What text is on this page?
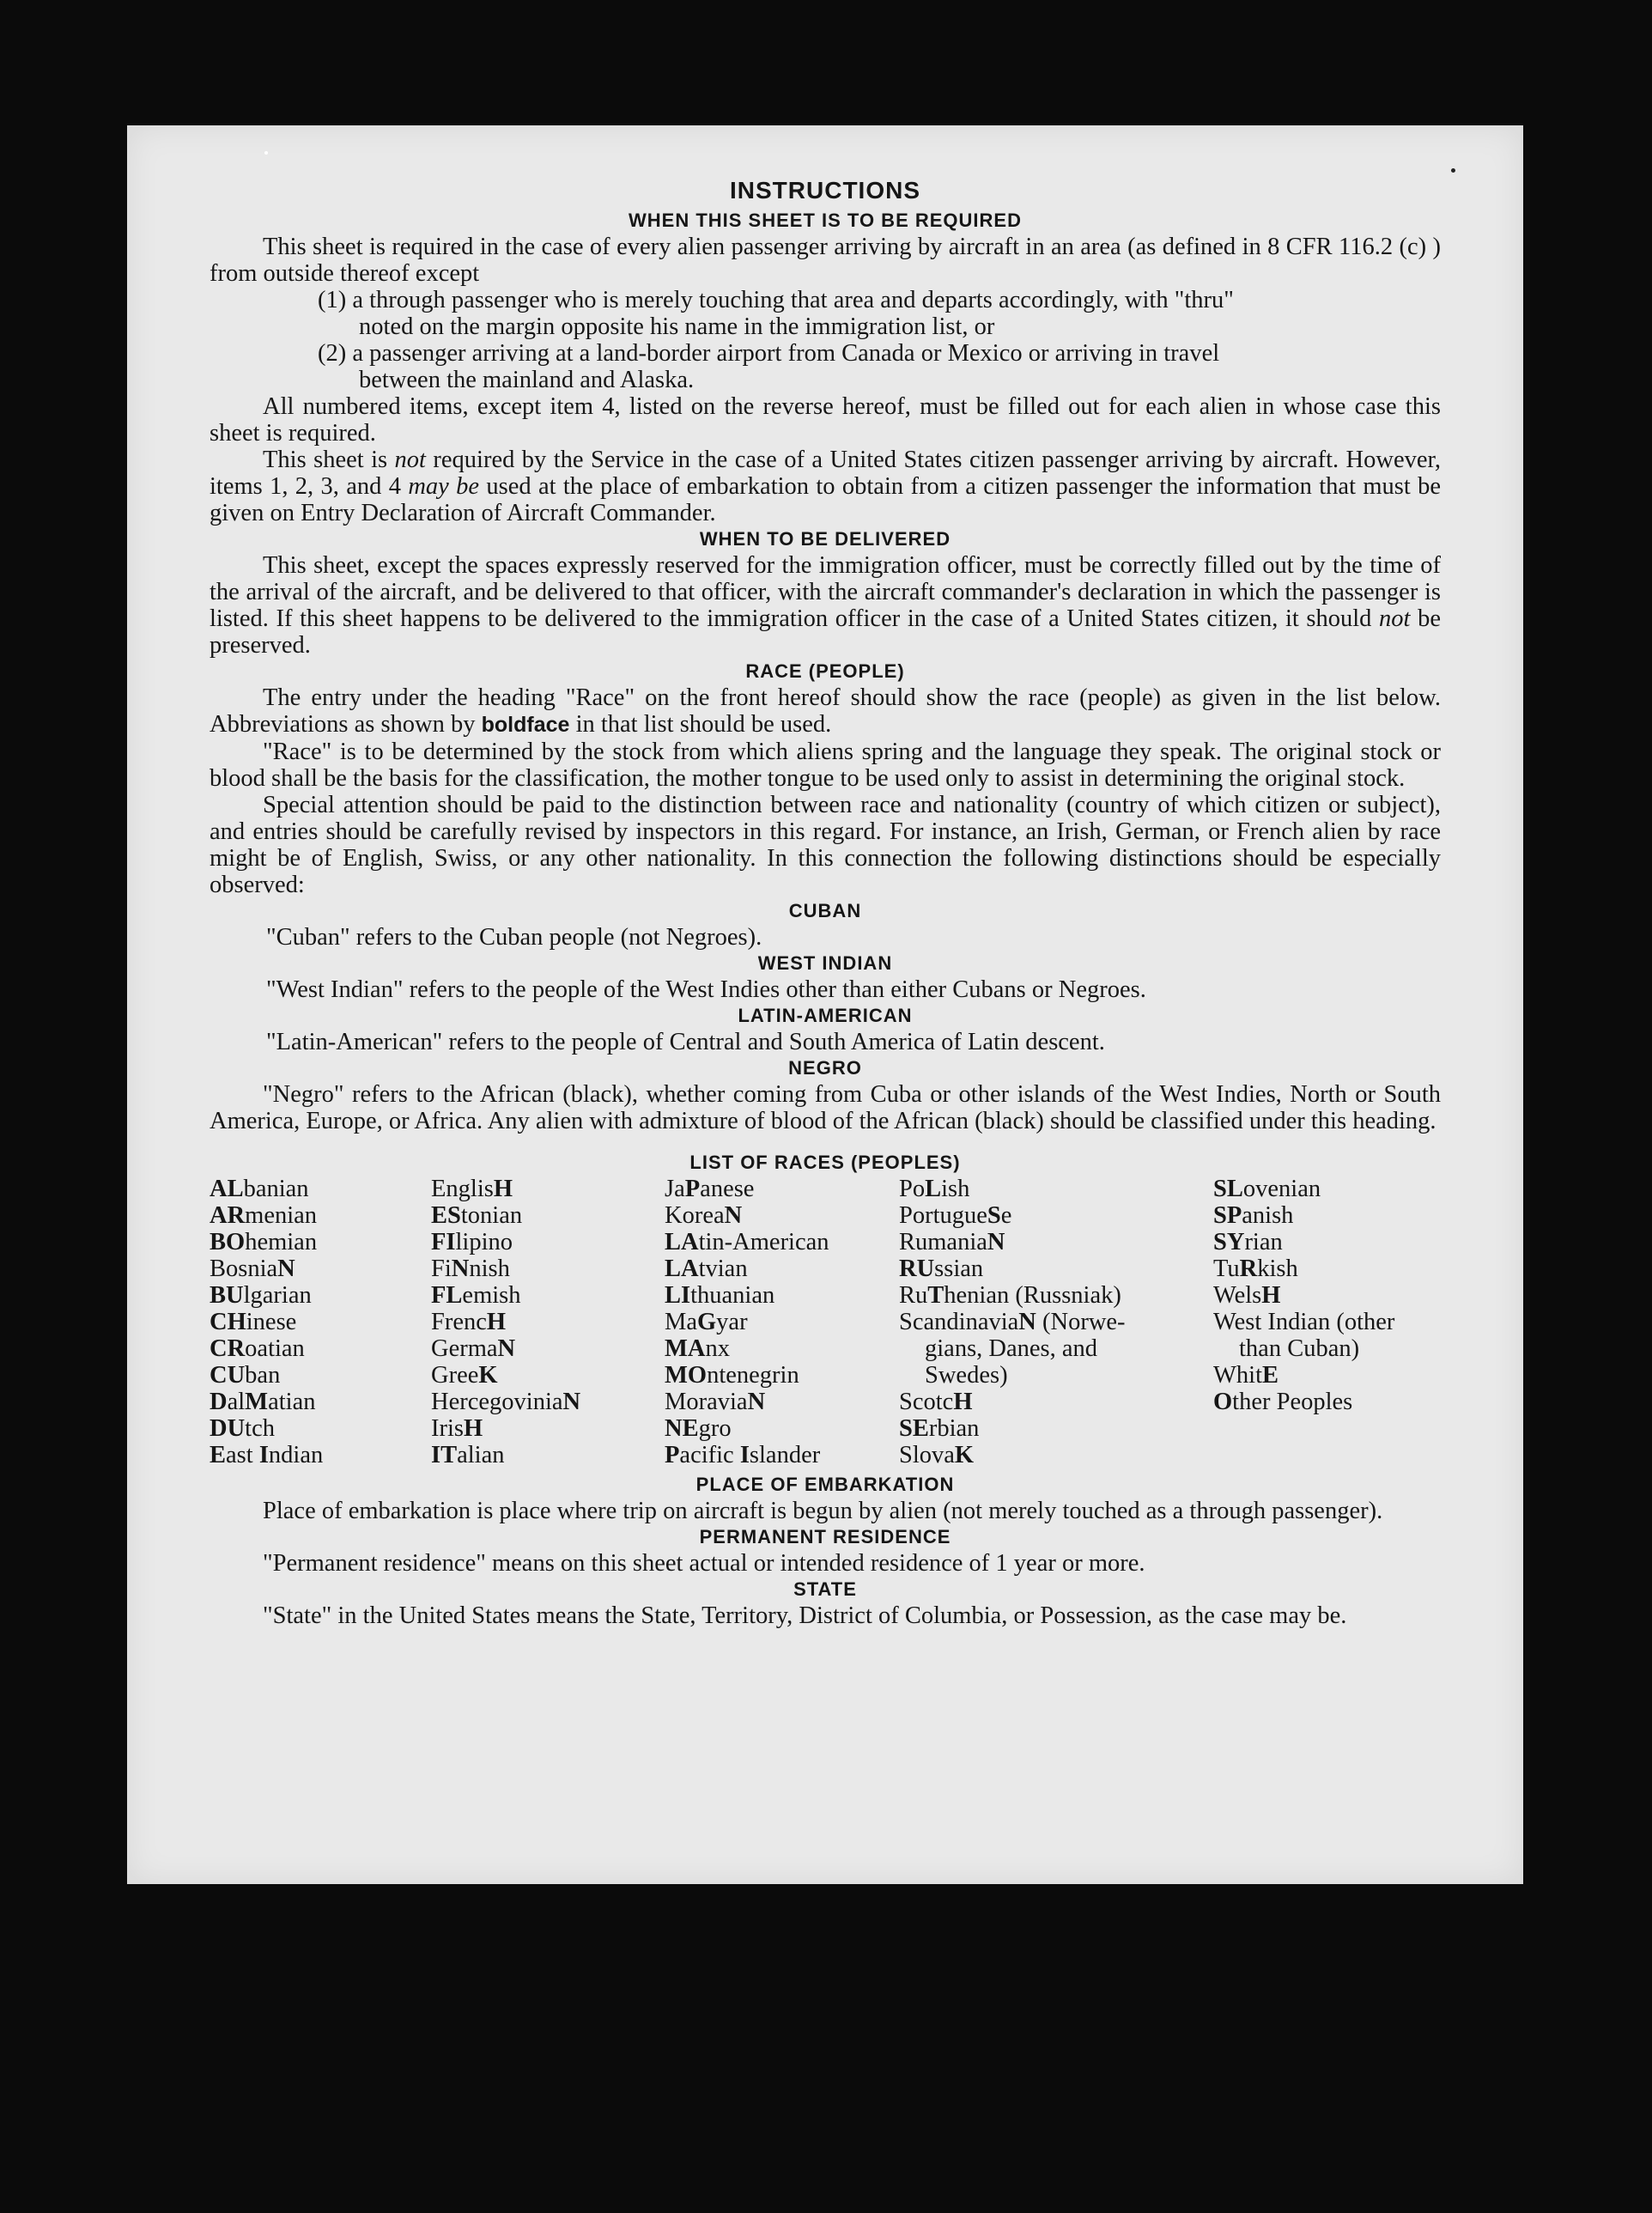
INSTRUCTIONS
WHEN THIS SHEET IS TO BE REQUIRED

This sheet is required in the case of every alien passenger arriving by aircraft in an area (as defined in 8 CFR 116.2 (c) ) from outside thereof except

(1) a through passenger who is merely touching that area and departs accordingly, with "thru"

noted on the margin opposite his name in the immigration list, or

(2) a passenger arriving at a land-border airport from Canada or Mexico or arriving in travel

between the mainland and Alaska.

All numbered items, except item 4, listed on the reverse hereof, must be filled out for each alien in whose case this sheet is required.

This sheet is not required by the Service in the case of a United States citizen passenger arriving by aircraft. However, items 1, 2, 3, and 4 may be used at the place of embarkation to obtain from a citizen passenger the information that must be given on Entry Declaration of Aircraft Commander.

WHEN TO BE DELIVERED

This sheet, except the spaces expressly reserved for the immigration officer, must be correctly filled out by the time of the arrival of the aircraft, and be delivered to that officer, with the aircraft commander's declaration in which the passenger is listed. If this sheet happens to be delivered to the immigration officer in the case of a United States citizen, it should not be preserved.

RACE (PEOPLE)

The entry under the heading "Race" on the front hereof should show the race (people) as given in the list below. Abbreviations as shown by boldface in that list should be used.

"Race" is to be determined by the stock from which aliens spring and the language they speak. The original stock or blood shall be the basis for the classification, the mother tongue to be used only to assist in determining the original stock.

Special attention should be paid to the distinction between race and nationality (country of which citizen or subject), and entries should be carefully revised by inspectors in this regard. For instance, an Irish, German, or French alien by race might be of English, Swiss, or any other nationality. In this connection the following distinctions should be especially observed:

CUBAN

"Cuban" refers to the Cuban people (not Negroes).

WEST INDIAN

"West Indian" refers to the people of the West Indies other than either Cubans or Negroes.

LATIN-AMERICAN

"Latin-American" refers to the people of Central and South America of Latin descent.

NEGRO

"Negro" refers to the African (black), whether coming from Cuba or other islands of the West Indies, North or South America, Europe, or Africa. Any alien with admixture of blood of the African (black) should be classified under this heading.

LIST OF RACES (PEOPLES)
ALbanian
ARmenian
BOhemian
BosniaN
BUlgarian
CHinese
CRoatian
CUban
DalMatian
DUtch
East Indian
EnglisH
EStonian
FIlipino
FiNnish
FLemish
FrencH
GermaN
GreeK
HercegoviniaN
IrisH
ITalian
JaPanese
KoreaN
LAtin-American
LAtvian
LIthuanian
MaGyar
MAnx
MOntenegrin
MoraviaN
NEgro
Pacific Islander
PoLish
PortugueSe
RumaniaN
RUssian
RuThenian (Russniak)
ScandinaviaN (Norwe-
gians, Danes, and
Swedes)
ScotcH
SErbian
SlovaK
SLovenian
SPanish
SYrian
TuRkish
WelsH
West Indian (other
than Cuban)
WhitE
Other Peoples
PLACE OF EMBARKATION

Place of embarkation is place where trip on aircraft is begun by alien (not merely touched as a through passenger).

PERMANENT RESIDENCE

"Permanent residence" means on this sheet actual or intended residence of 1 year or more.

STATE

"State" in the United States means the State, Territory, District of Columbia, or Possession, as the case may be.
